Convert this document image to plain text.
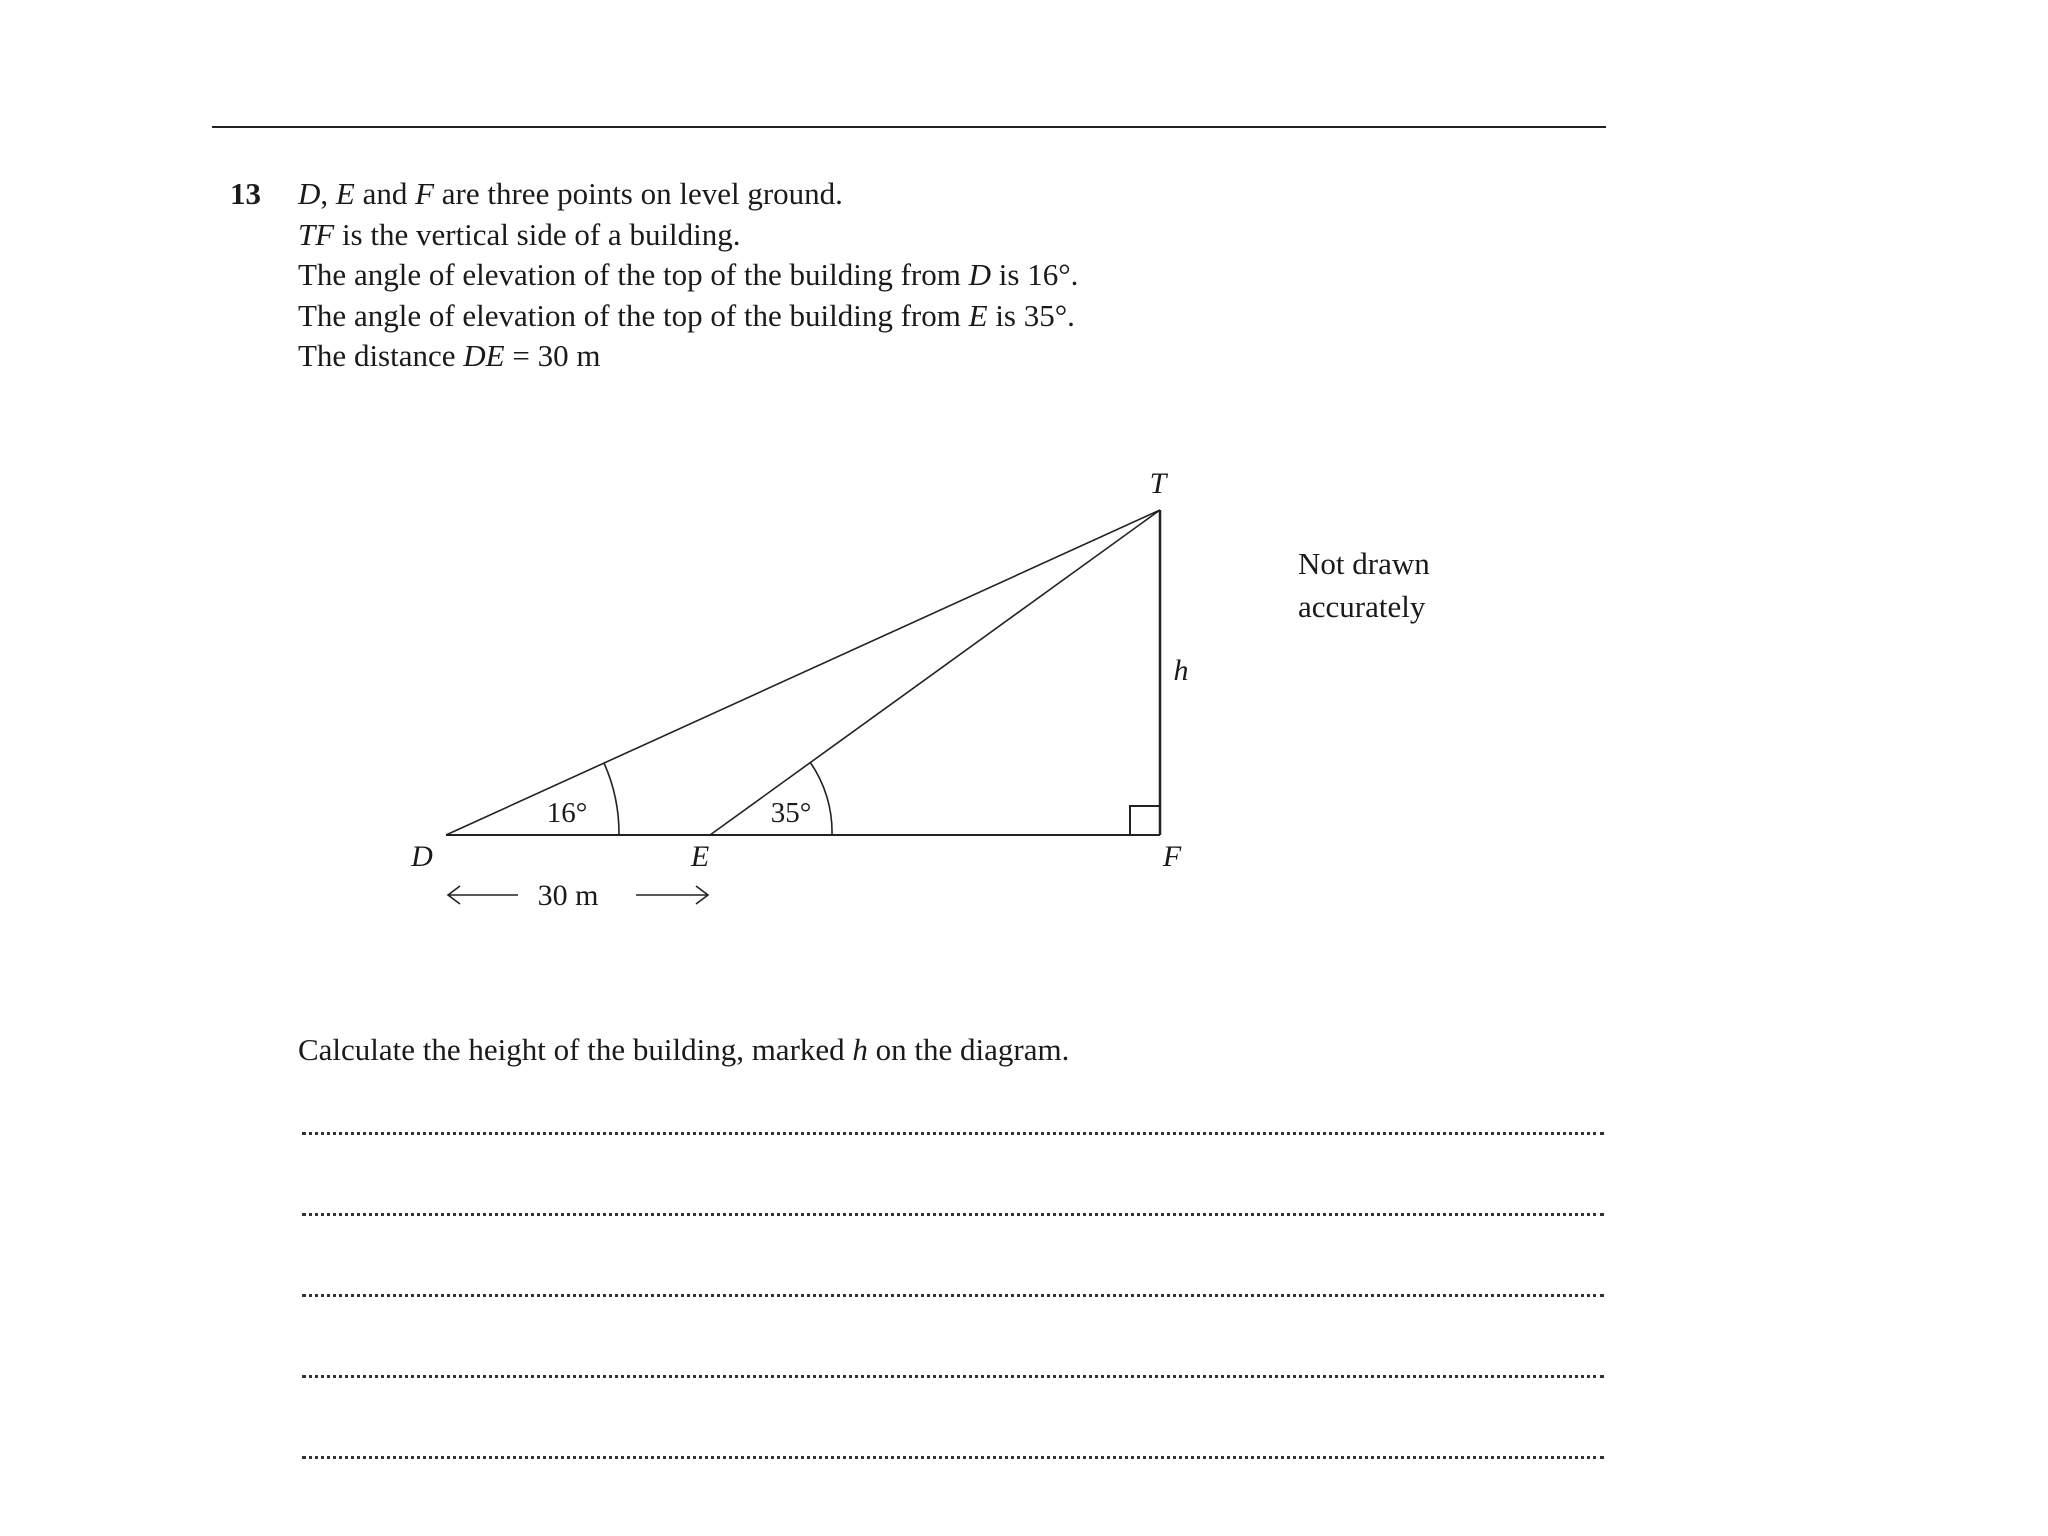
13 D, E and F are three points on level ground.
TF is the vertical side of a building.
The angle of elevation of the top of the building from D is 16°.
The angle of elevation of the top of the building from E is 35°.
The distance DE = 30 m
T
D	E	F
h
16°	35°
30 m
Not drawn
accurately
Calculate the height of the building, marked h on the diagram.
